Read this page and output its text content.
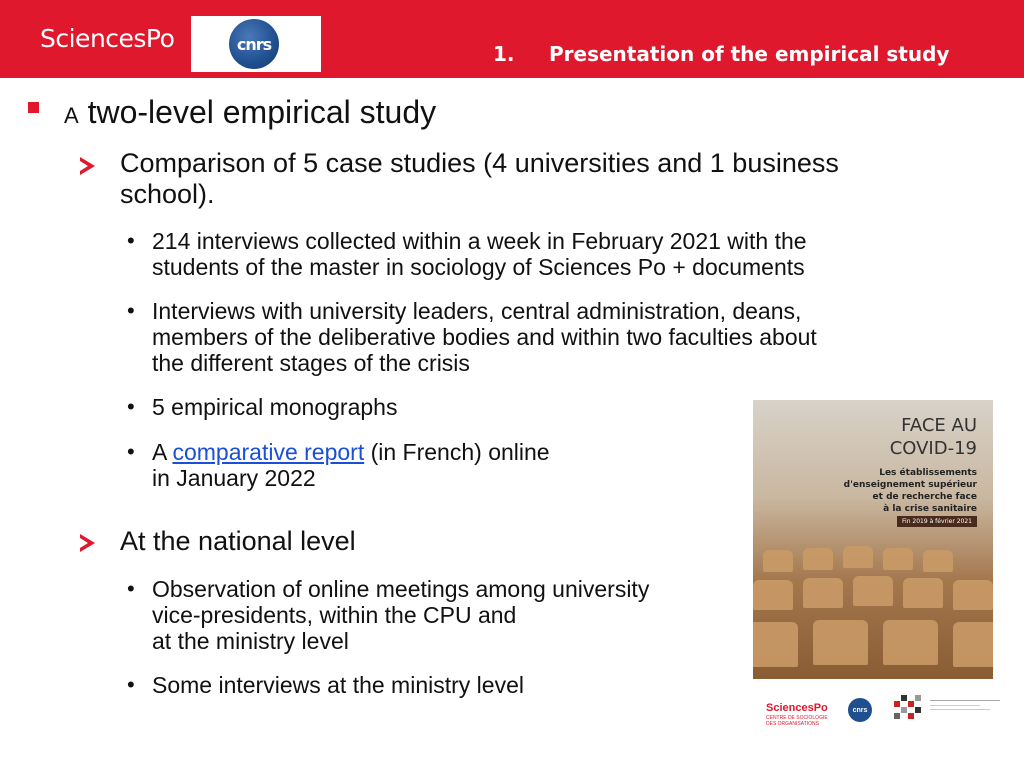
SciencesPo	cnrs	1. Presentation of the empirical study
A two-level empirical study
Comparison of 5 case studies (4 universities and 1 business
school).
• 214 interviews collected within a week in February 2021 with the
students of the master in sociology of Sciences Po + documents
• Interviews with university leaders, central administration, deans,
members of the deliberative bodies and within two faculties about
the different stages of the crisis
• 5 empirical monographs
• A comparative report (in French) online
in January 2022
At the national level
• Observation of online meetings among university
vice-presidents, within the CPU and
at the ministry level
• Some interviews at the ministry level
FACE AU
COVID-19
Les établissements
d'enseignement supérieur
et de recherche face
à la crise sanitaire
Fin 2019 à février 2021
SciencesPo
CENTRE DE SOCIOLOGIE
DES ORGANISATIONS
cnrs
